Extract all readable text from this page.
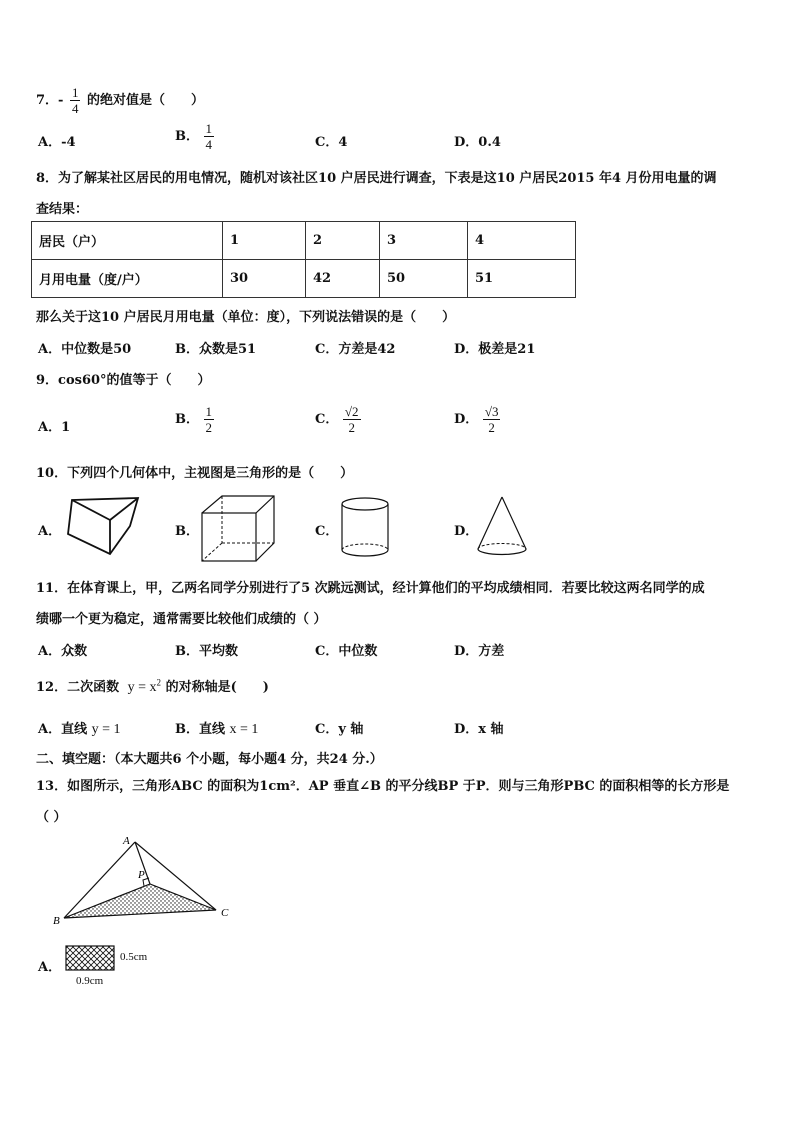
7．- $\frac{1}{4}$ 的绝对值是（　　）
A．-4	B． $\frac{1}{4}$	C．4	D．0.4
8．为了解某社区居民的用电情况，随机对该社区10 户居民进行调查，下表是这10 户居民2015 年4 月份用电量的调
查结果：
居民（户）	1	2	3	4
月用电量（度/户）	30	42	50	51
那么关于这10 户居民月用电量（单位：度），下列说法错误的是（　　）
A．中位数是50	B．众数是51	C．方差是42	D．极差是21
9．cos60°的值等于（　　）
A．1
B． $\frac{1}{2}$	C． $\frac{√2}{2}$	D． $\frac{√3}{2}$
10．下列四个几何体中，主视图是三角形的是（　　）
A．	B．	C．	D．
11．在体育课上，甲，乙两名同学分别进行了5 次跳远测试，经计算他们的平均成绩相同．若要比较这两名同学的成
绩哪一个更为稳定，通常需要比较他们成绩的（ ）
A．众数	B．平均数	C．中位数	D．方差
12．二次函数 $y = x^2$ 的对称轴是(　　)
A．直线 y = 1	B．直线 x = 1	C．y 轴	D．x 轴
二、填空题：（本大题共6 个小题，每小题4 分，共24 分.）
13．如图所示，三角形ABC 的面积为1cm²．AP 垂直∠B 的平分线BP 于P．则与三角形PBC 的面积相等的长方形是
（ ）
A
B
C
P
A．
0.5cm
0.9cm
